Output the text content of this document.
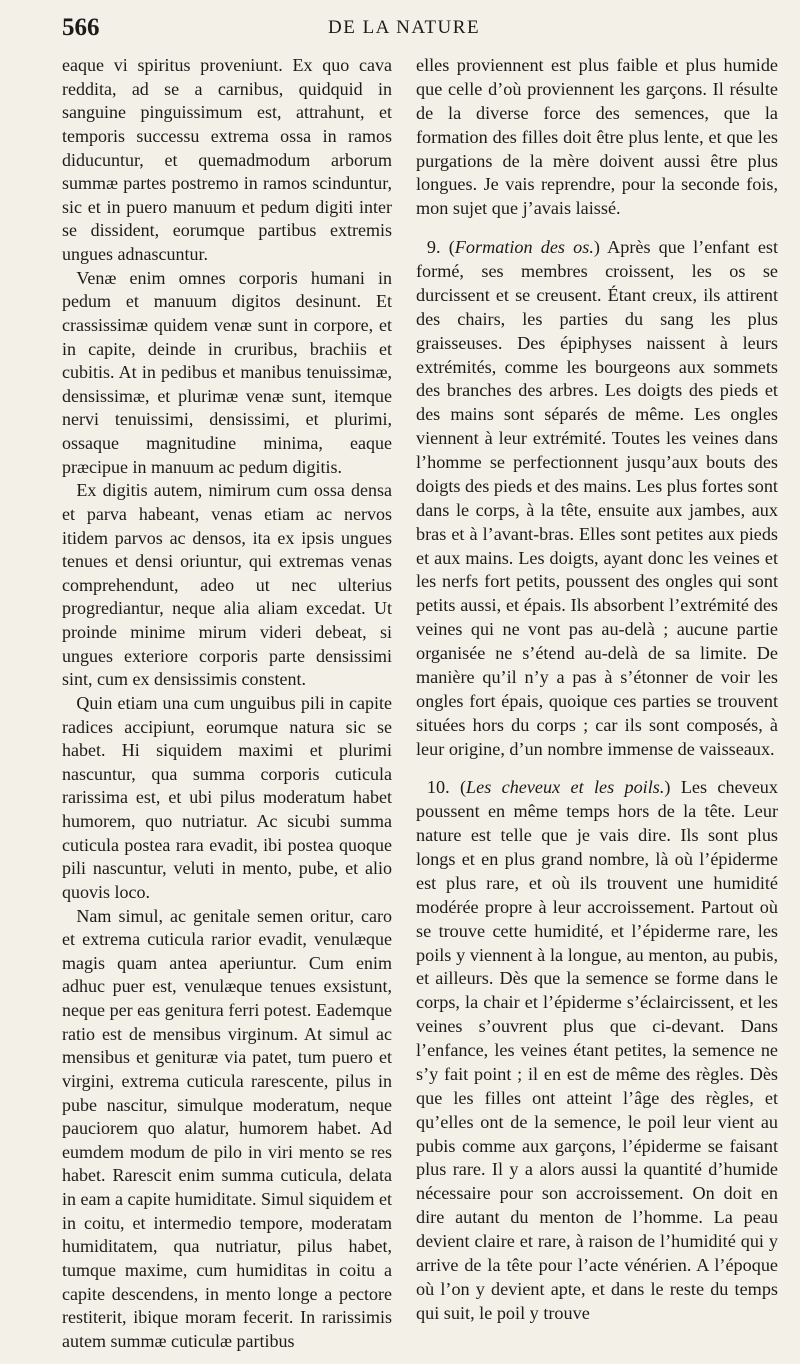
566	DE LA NATURE

eaque vi spiritus proveniunt. Ex quo cava reddita, ad se a carnibus, quidquid in sanguine pinguissimum est, attrahunt, et temporis successu extrema ossa in ramos diducuntur, et quemadmodum arborum summæ partes postremo in ramos scinduntur, sic et in puero manuum et pedum digiti inter se dissident, eorumque partibus extremis ungues adnascuntur.

Venæ enim omnes corporis humani in pedum et manuum digitos desinunt. Et crassissimæ quidem venæ sunt in corpore, et in capite, deinde in cruribus, brachiis et cubitis. At in pedibus et manibus tenuissimæ, densissimæ, et plurimæ venæ sunt, itemque nervi tenuissimi, densissimi, et plurimi, ossaque magnitudine minima, eaque præcipue in manuum ac pedum digitis.

Ex digitis autem, nimirum cum ossa densa et parva habeant, venas etiam ac nervos itidem parvos ac densos, ita ex ipsis ungues tenues et densi oriuntur, qui extremas venas comprehendunt, adeo ut nec ulterius progrediantur, neque alia aliam excedat. Ut proinde minime mirum videri debeat, si ungues exteriore corporis parte densissimi sint, cum ex densissimis constent.

Quin etiam una cum unguibus pili in capite radices accipiunt, eorumque natura sic se habet. Hi siquidem maximi et plurimi nascuntur, qua summa corporis cuticula rarissima est, et ubi pilus moderatum habet humorem, quo nutriatur. Ac sicubi summa cuticula postea rara evadit, ibi postea quoque pili nascuntur, veluti in mento, pube, et alio quovis loco.

Nam simul, ac genitale semen oritur, caro et extrema cuticula rarior evadit, venulæque magis quam antea aperiuntur. Cum enim adhuc puer est, venulæque tenues exsistunt, neque per eas genitura ferri potest. Eademque ratio est de mensibus virginum. At simul ac mensibus et genituræ via patet, tum puero et virgini, extrema cuticula rarescente, pilus in pube nascitur, simulque moderatum, neque pauciorem quo alatur, humorem habet. Ad eumdem modum de pilo in viri mento se res habet. Rarescit enim summa cuticula, delata in eam a capite humiditate. Simul siquidem et in coitu, et intermedio tempore, moderatam humiditatem, qua nutriatur, pilus habet, tumque maxime, cum humiditas in coitu a capite descendens, in mento longe a pectore restiterit, ibique moram fecerit. In rarissimis autem summæ cuticulæ partibus

elles proviennent est plus faible et plus humide que celle d’où proviennent les garçons. Il résulte de la diverse force des semences, que la formation des filles doit être plus lente, et que les purgations de la mère doivent aussi être plus longues. Je vais reprendre, pour la seconde fois, mon sujet que j’avais laissé.

9. (Formation des os.) Après que l’enfant est formé, ses membres croissent, les os se durcissent et se creusent. Étant creux, ils attirent des chairs, les parties du sang les plus graisseuses. Des épiphyses naissent à leurs extrémités, comme les bourgeons aux sommets des branches des arbres. Les doigts des pieds et des mains sont séparés de même. Les ongles viennent à leur extrémité. Toutes les veines dans l’homme se perfectionnent jusqu’aux bouts des doigts des pieds et des mains. Les plus fortes sont dans le corps, à la tête, ensuite aux jambes, aux bras et à l’avant-bras. Elles sont petites aux pieds et aux mains. Les doigts, ayant donc les veines et les nerfs fort petits, poussent des ongles qui sont petits aussi, et épais. Ils absorbent l’extrémité des veines qui ne vont pas au-delà ; aucune partie organisée ne s’étend au-delà de sa limite. De manière qu’il n’y a pas à s’étonner de voir les ongles fort épais, quoique ces parties se trouvent situées hors du corps ; car ils sont composés, à leur origine, d’un nombre immense de vaisseaux.

10. (Les cheveux et les poils.) Les cheveux poussent en même temps hors de la tête. Leur nature est telle que je vais dire. Ils sont plus longs et en plus grand nombre, là où l’épiderme est plus rare, et où ils trouvent une humidité modérée propre à leur accroissement. Partout où se trouve cette humidité, et l’épiderme rare, les poils y viennent à la longue, au menton, au pubis, et ailleurs. Dès que la semence se forme dans le corps, la chair et l’épiderme s’éclaircissent, et les veines s’ouvrent plus que ci-devant. Dans l’enfance, les veines étant petites, la semence ne s’y fait point ; il en est de même des règles. Dès que les filles ont atteint l’âge des règles, et qu’elles ont de la semence, le poil leur vient au pubis comme aux garçons, l’épiderme se faisant plus rare. Il y a alors aussi la quantité d’humide nécessaire pour son accroissement. On doit en dire autant du menton de l’homme. La peau devient claire et rare, à raison de l’humidité qui y arrive de la tête pour l’acte vénérien. A l’époque où l’on y devient apte, et dans le reste du temps qui suit, le poil y trouve
